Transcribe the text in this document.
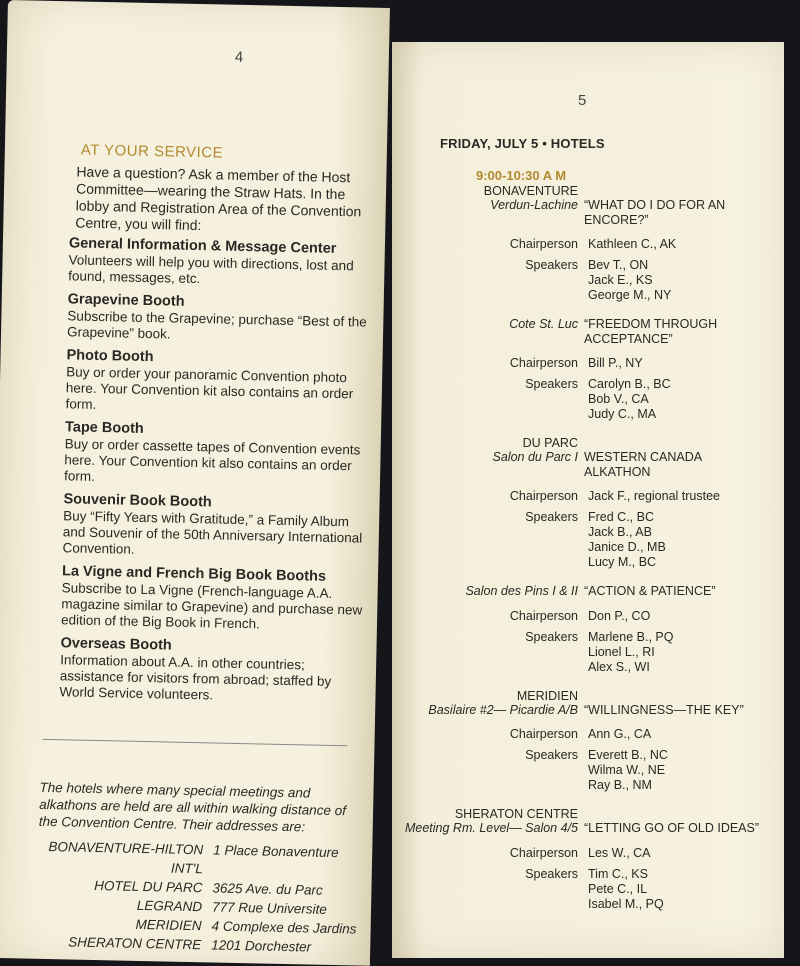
4
AT YOUR SERVICE
Have a question? Ask a member of the Host Committee—wearing the Straw Hats. In the lobby and Registration Area of the Convention Centre, you will find:
General Information & Message Center
Volunteers will help you with directions, lost and found, messages, etc.
Grapevine Booth
Subscribe to the Grapevine; purchase “Best of the Grapevine” book.
Photo Booth
Buy or order your panoramic Convention photo here. Your Convention kit also contains an order form.
Tape Booth
Buy or order cassette tapes of Convention events here. Your Convention kit also contains an order form.
Souvenir Book Booth
Buy “Fifty Years with Gratitude,” a Family Album and Souvenir of the 50th Anniversary International Convention.
La Vigne and French Big Book Booths
Subscribe to La Vigne (French-language A.A. magazine similar to Grapevine) and purchase new edition of the Big Book in French.
Overseas Booth
Information about A.A. in other countries; assistance for visitors from abroad; staffed by World Service volunteers.
The hotels where many special meetings and alkathons are held are all within walking distance of the Convention Centre. Their addresses are:
BONAVENTURE-HILTON INT'L
1 Place Bonaventure
HOTEL DU PARC 3625 Ave. du Parc
LEGRAND 777 Rue Universite
MERIDIEN 4 Complexe des Jardins
SHERATON CENTRE 1201 Dorchester
5
FRIDAY, JULY 5 • HOTELS
9:00-10:30 A M
BONAVENTURE
Verdun-Lachine “WHAT DO I DO FOR AN ENCORE?”
Chairperson Kathleen C., AK
Speakers Bev T., ON
Jack E., KS
George M., NY
Cote St. Luc “FREEDOM THROUGH ACCEPTANCE”
Chairperson Bill P., NY
Speakers Carolyn B., BC
Bob V., CA
Judy C., MA
DU PARC
Salon du Parc I WESTERN CANADA ALKATHON
Chairperson Jack F., regional trustee
Speakers Fred C., BC
Jack B., AB
Janice D., MB
Lucy M., BC
Salon des Pins I & II “ACTION & PATIENCE”
Chairperson Don P., CO
Speakers Marlene B., PQ
Lionel L., RI
Alex S., WI
MERIDIEN
Basilaire #2— Picardie A/B “WILLINGNESS—THE KEY”
Chairperson Ann G., CA
Speakers Everett B., NC
Wilma W., NE
Ray B., NM
SHERATON CENTRE
Meeting Rm. Level— Salon 4/5 “LETTING GO OF OLD IDEAS”
Chairperson Les W., CA
Speakers Tim C., KS
Pete C., IL
Isabel M., PQ
